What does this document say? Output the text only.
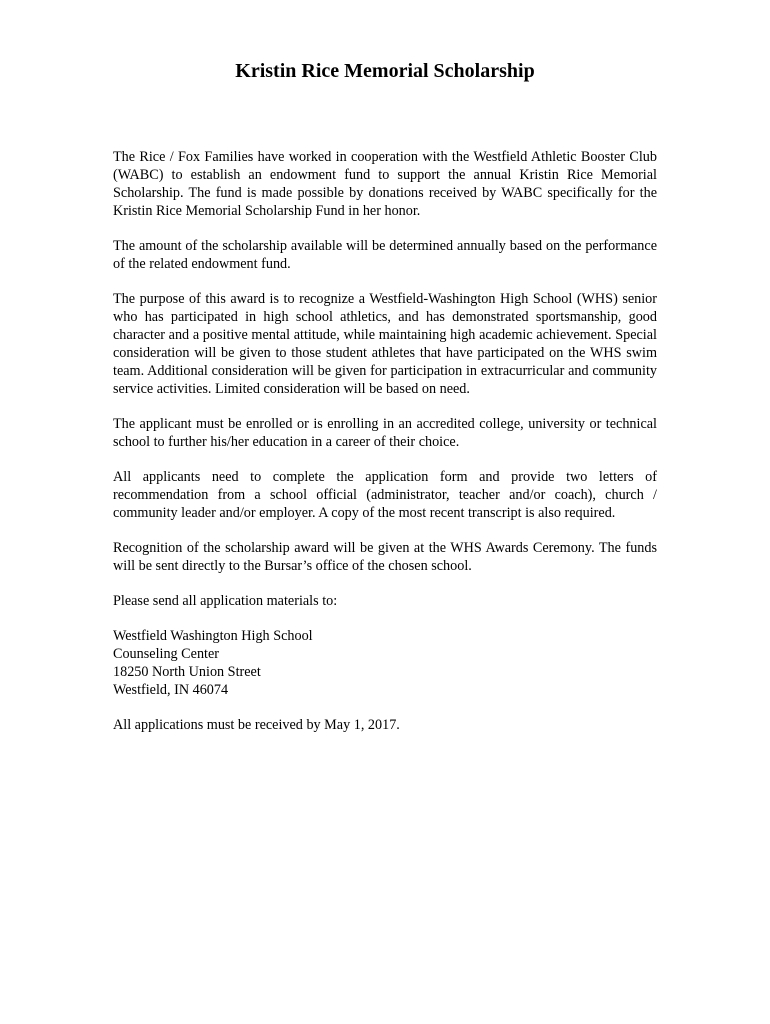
Kristin Rice Memorial Scholarship

The Rice / Fox Families have worked in cooperation with the Westfield Athletic Booster Club (WABC) to establish an endowment fund to support the annual Kristin Rice Memorial Scholarship. The fund is made possible by donations received by WABC specifically for the Kristin Rice Memorial Scholarship Fund in her honor.

The amount of the scholarship available will be determined annually based on the performance of the related endowment fund.

The purpose of this award is to recognize a Westfield-Washington High School (WHS) senior who has participated in high school athletics, and has demonstrated sportsmanship, good character and a positive mental attitude, while maintaining high academic achievement. Special consideration will be given to those student athletes that have participated on the WHS swim team. Additional consideration will be given for participation in extracurricular and community service activities. Limited consideration will be based on need.

The applicant must be enrolled or is enrolling in an accredited college, university or technical school to further his/her education in a career of their choice.

All applicants need to complete the application form and provide two letters of recommendation from a school official (administrator, teacher and/or coach), church / community leader and/or employer. A copy of the most recent transcript is also required.

Recognition of the scholarship award will be given at the WHS Awards Ceremony. The funds will be sent directly to the Bursar’s office of the chosen school.

Please send all application materials to:

Westfield Washington High School
Counseling Center
18250 North Union Street
Westfield, IN 46074

All applications must be received by May 1, 2017.
